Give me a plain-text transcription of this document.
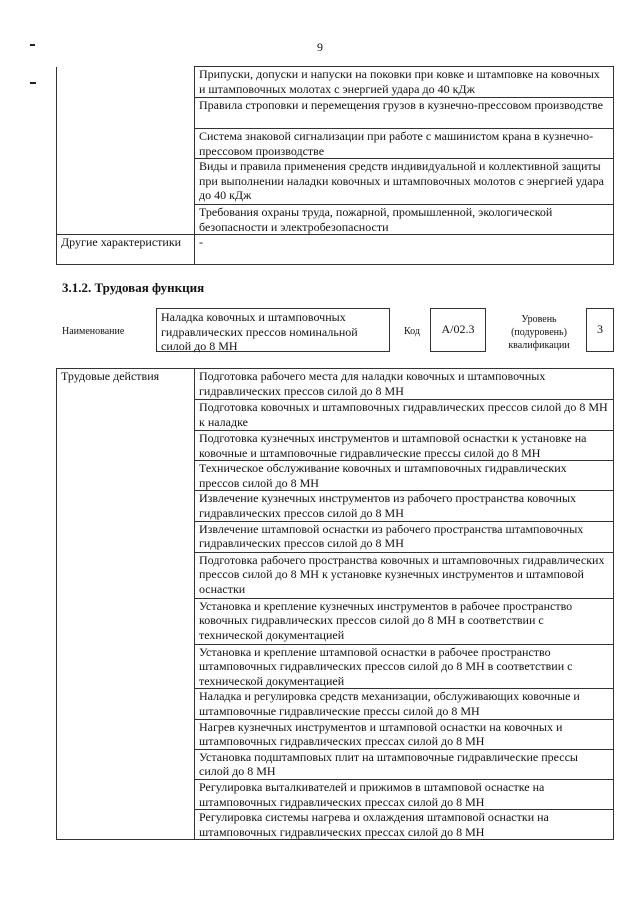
9
	Припуски, допуски и напуски на поковки при ковке и штамповке на ковочных и штамповочных молотах с энергией удара до 40 кДж
	Правила строповки и перемещения грузов в кузнечно-прессовом производстве
	Система знаковой сигнализации при работе с машинистом крана в кузнечно-прессовом производстве
	Виды и правила применения средств индивидуальной и коллективной защиты при выполнении наладки ковочных и штамповочных молотов с энергией удара до 40 кДж
	Требования охраны труда, пожарной, промышленной, экологической безопасности и электробезопасности
Другие характеристики	-
3.1.2. Трудовая функция
Наименование
Наладка ковочных и штамповочных гидравлических прессов номинальной силой до 8 МН
Код	А/02.3
Уровень (подуровень) квалификации
3
Трудовые действия	Подготовка рабочего места для наладки ковочных и штамповочных гидравлических прессов силой до 8 МН
Подготовка ковочных и штамповочных гидравлических прессов силой до 8 МН к наладке
Подготовка кузнечных инструментов и штамповой оснастки к установке на ковочные и штамповочные гидравлические прессы силой до 8 МН
Техническое обслуживание ковочных и штамповочных гидравлических прессов силой до 8 МН
Извлечение кузнечных инструментов из рабочего пространства ковочных гидравлических прессов силой до 8 МН
Извлечение штамповой оснастки из рабочего пространства штамповочных гидравлических прессов силой до 8 МН
Подготовка рабочего пространства ковочных и штамповочных гидравлических прессов силой до 8 МН к установке кузнечных инструментов и штамповой оснастки
Установка и крепление кузнечных инструментов в рабочее пространство ковочных гидравлических прессов силой до 8 МН в соответствии с технической документацией
Установка и крепление штамповой оснастки в рабочее пространство штамповочных гидравлических прессов силой до 8 МН в соответствии с технической документацией
Наладка и регулировка средств механизации, обслуживающих ковочные и штамповочные гидравлические прессы силой до 8 МН
Нагрев кузнечных инструментов и штамповой оснастки на ковочных и штамповочных гидравлических прессах силой до 8 МН
Установка подштамповых плит на штамповочные гидравлические прессы силой до 8 МН
Регулировка выталкивателей и прижимов в штамповой оснастке на штамповочных гидравлических прессах силой до 8 МН
Регулировка системы нагрева и охлаждения штамповой оснастки на штамповочных гидравлических прессах силой до 8 МН
